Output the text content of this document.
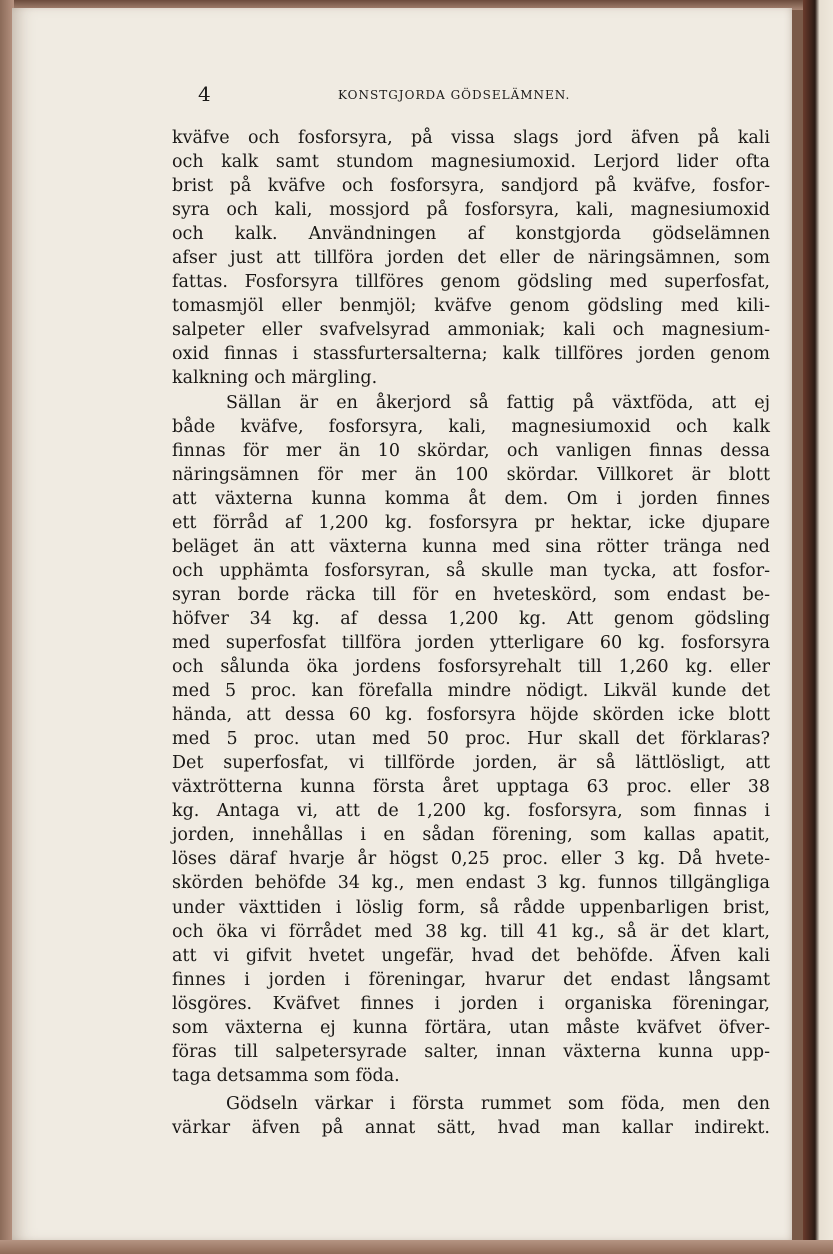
4	KONSTGJORDA GÖDSELÄMNEN.
kväfve och fosforsyra, på vissa slags jord äfven på kali
och kalk samt stundom magnesiumoxid. Lerjord lider ofta
brist på kväfve och fosforsyra, sandjord på kväfve, fosfor-
syra och kali, mossjord på fosforsyra, kali, magnesiumoxid
och kalk. Användningen af konstgjorda gödselämnen
afser just att tillföra jorden det eller de näringsämnen, som
fattas. Fosforsyra tillföres genom gödsling med superfosfat,
tomasmjöl eller benmjöl; kväfve genom gödsling med kili-
salpeter eller svafvelsyrad ammoniak; kali och magnesium-
oxid finnas i stassfurtersalterna; kalk tillföres jorden genom
kalkning och märgling.
Sällan är en åkerjord så fattig på växtföda, att ej
både kväfve, fosforsyra, kali, magnesiumoxid och kalk
finnas för mer än 10 skördar, och vanligen finnas dessa
näringsämnen för mer än 100 skördar. Villkoret är blott
att växterna kunna komma åt dem. Om i jorden finnes
ett förråd af 1,200 kg. fosforsyra pr hektar, icke djupare
beläget än att växterna kunna med sina rötter tränga ned
och upphämta fosforsyran, så skulle man tycka, att fosfor-
syran borde räcka till för en hveteskörd, som endast be-
höfver 34 kg. af dessa 1,200 kg. Att genom gödsling
med superfosfat tillföra jorden ytterligare 60 kg. fosforsyra
och sålunda öka jordens fosforsyrehalt till 1,260 kg. eller
med 5 proc. kan förefalla mindre nödigt. Likväl kunde det
hända, att dessa 60 kg. fosforsyra höjde skörden icke blott
med 5 proc. utan med 50 proc. Hur skall det förklaras?
Det superfosfat, vi tillförde jorden, är så lättlösligt, att
växtrötterna kunna första året upptaga 63 proc. eller 38
kg. Antaga vi, att de 1,200 kg. fosforsyra, som finnas i
jorden, innehållas i en sådan förening, som kallas apatit,
löses däraf hvarje år högst 0,25 proc. eller 3 kg. Då hvete-
skörden behöfde 34 kg., men endast 3 kg. funnos tillgängliga
under växttiden i löslig form, så rådde uppenbarligen brist,
och öka vi förrådet med 38 kg. till 41 kg., så är det klart,
att vi gifvit hvetet ungefär, hvad det behöfde. Äfven kali
finnes i jorden i föreningar, hvarur det endast långsamt
lösgöres. Kväfvet finnes i jorden i organiska föreningar,
som växterna ej kunna förtära, utan måste kväfvet öfver-
föras till salpetersyrade salter, innan växterna kunna upp-
taga detsamma som föda.
Gödseln värkar i första rummet som föda, men den
värkar äfven på annat sätt, hvad man kallar indirekt.
